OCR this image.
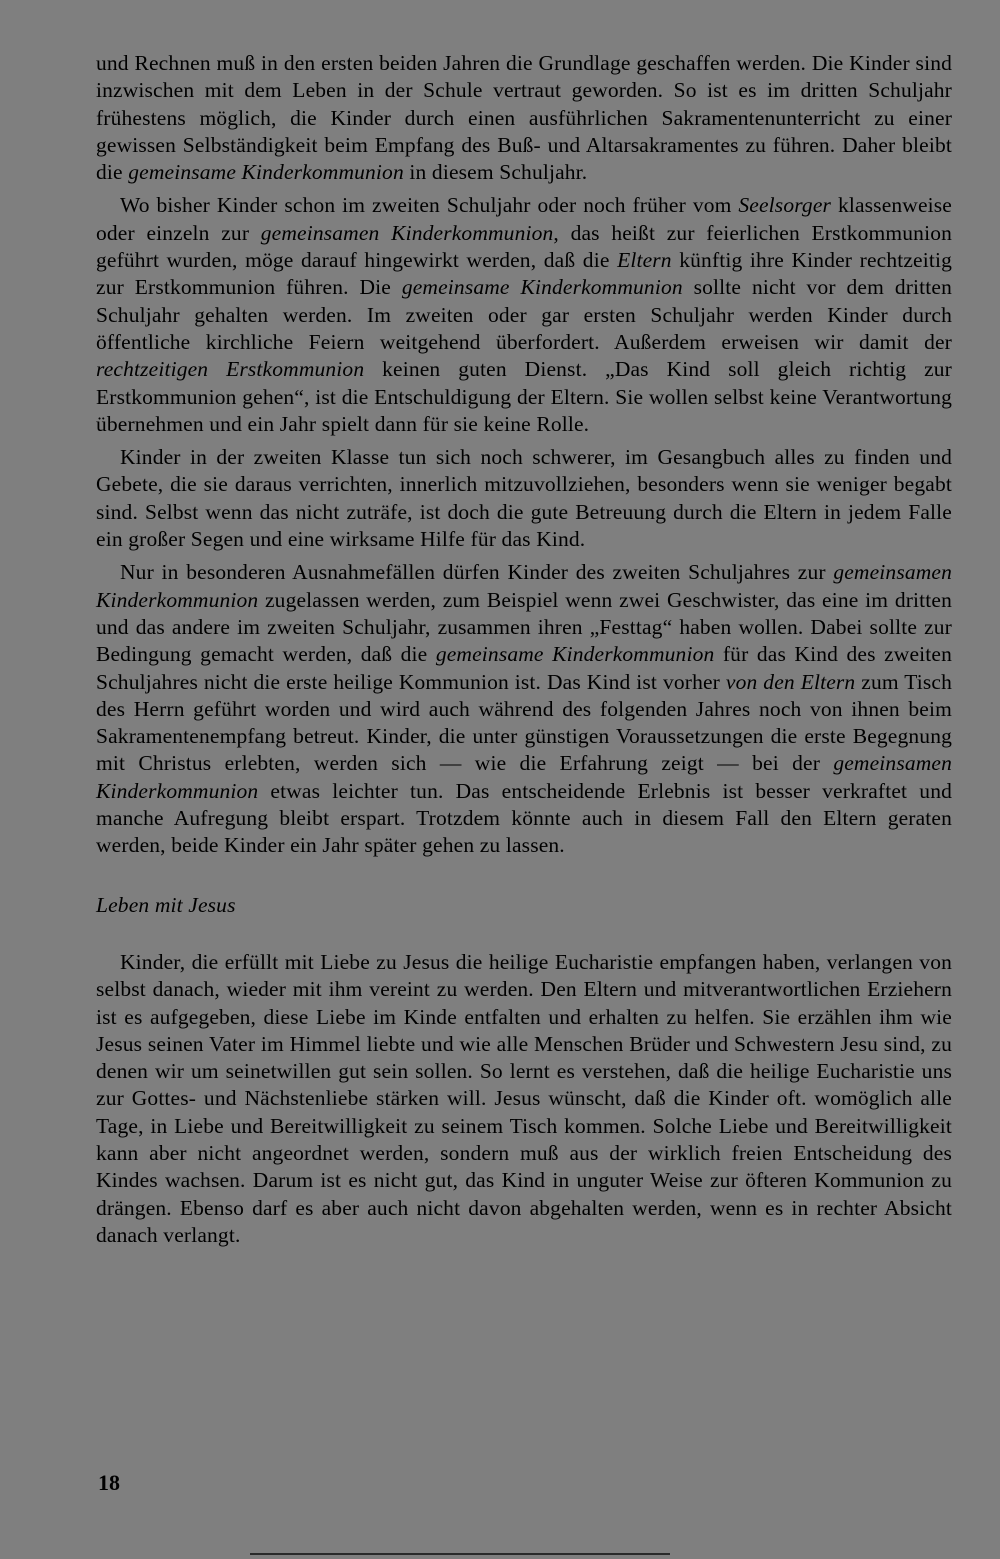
und Rechnen muß in den ersten beiden Jahren die Grundlage geschaffen werden. Die Kinder sind inzwischen mit dem Leben in der Schule vertraut geworden. So ist es im dritten Schuljahr frühestens möglich, die Kinder durch einen ausführlichen Sakramentenunterricht zu einer gewissen Selbständigkeit beim Empfang des Buß- und Altarsakramentes zu führen. Daher bleibt die gemeinsame Kinderkommunion in diesem Schuljahr.

Wo bisher Kinder schon im zweiten Schuljahr oder noch früher vom Seelsorger klassenweise oder einzeln zur gemeinsamen Kinderkommunion, das heißt zur feierlichen Erstkommunion geführt wurden, möge darauf hingewirkt werden, daß die Eltern künftig ihre Kinder rechtzeitig zur Erstkommunion führen. Die gemeinsame Kinderkommunion sollte nicht vor dem dritten Schuljahr gehalten werden. Im zweiten oder gar ersten Schuljahr werden Kinder durch öffentliche kirchliche Feiern weitgehend überfordert. Außerdem erweisen wir damit der rechtzeitigen Erstkommunion keinen guten Dienst. „Das Kind soll gleich richtig zur Erstkommunion gehen“, ist die Entschuldigung der Eltern. Sie wollen selbst keine Verantwortung übernehmen und ein Jahr spielt dann für sie keine Rolle.

Kinder in der zweiten Klasse tun sich noch schwerer, im Gesangbuch alles zu finden und Gebete, die sie daraus verrichten, innerlich mitzuvollziehen, besonders wenn sie weniger begabt sind. Selbst wenn das nicht zuträfe, ist doch die gute Betreuung durch die Eltern in jedem Falle ein großer Segen und eine wirksame Hilfe für das Kind.

Nur in besonderen Ausnahmefällen dürfen Kinder des zweiten Schuljahres zur gemeinsamen Kinderkommunion zugelassen werden, zum Beispiel wenn zwei Geschwister, das eine im dritten und das andere im zweiten Schuljahr, zusammen ihren „Festtag“ haben wollen. Dabei sollte zur Bedingung gemacht werden, daß die gemeinsame Kinderkommunion für das Kind des zweiten Schuljahres nicht die erste heilige Kommunion ist. Das Kind ist vorher von den Eltern zum Tisch des Herrn geführt worden und wird auch während des folgenden Jahres noch von ihnen beim Sakramentenempfang betreut. Kinder, die unter günstigen Voraussetzungen die erste Begegnung mit Christus erlebten, werden sich — wie die Erfahrung zeigt — bei der gemeinsamen Kinderkommunion etwas leichter tun. Das entscheidende Erlebnis ist besser verkraftet und manche Aufregung bleibt erspart. Trotzdem könnte auch in diesem Fall den Eltern geraten werden, beide Kinder ein Jahr später gehen zu lassen.

Leben mit Jesus

Kinder, die erfüllt mit Liebe zu Jesus die heilige Eucharistie empfangen haben, verlangen von selbst danach, wieder mit ihm vereint zu werden. Den Eltern und mitverantwortlichen Erziehern ist es aufgegeben, diese Liebe im Kinde entfalten und erhalten zu helfen. Sie erzählen ihm wie Jesus seinen Vater im Himmel liebte und wie alle Menschen Brüder und Schwestern Jesu sind, zu denen wir um seinetwillen gut sein sollen. So lernt es verstehen, daß die heilige Eucharistie uns zur Gottes- und Nächstenliebe stärken will. Jesus wünscht, daß die Kinder oft. womöglich alle Tage, in Liebe und Bereitwilligkeit zu seinem Tisch kommen. Solche Liebe und Bereitwilligkeit kann aber nicht angeordnet werden, sondern muß aus der wirklich freien Entscheidung des Kindes wachsen. Darum ist es nicht gut, das Kind in unguter Weise zur öfteren Kommunion zu drängen. Ebenso darf es aber auch nicht davon abgehalten werden, wenn es in rechter Absicht danach verlangt.

18
